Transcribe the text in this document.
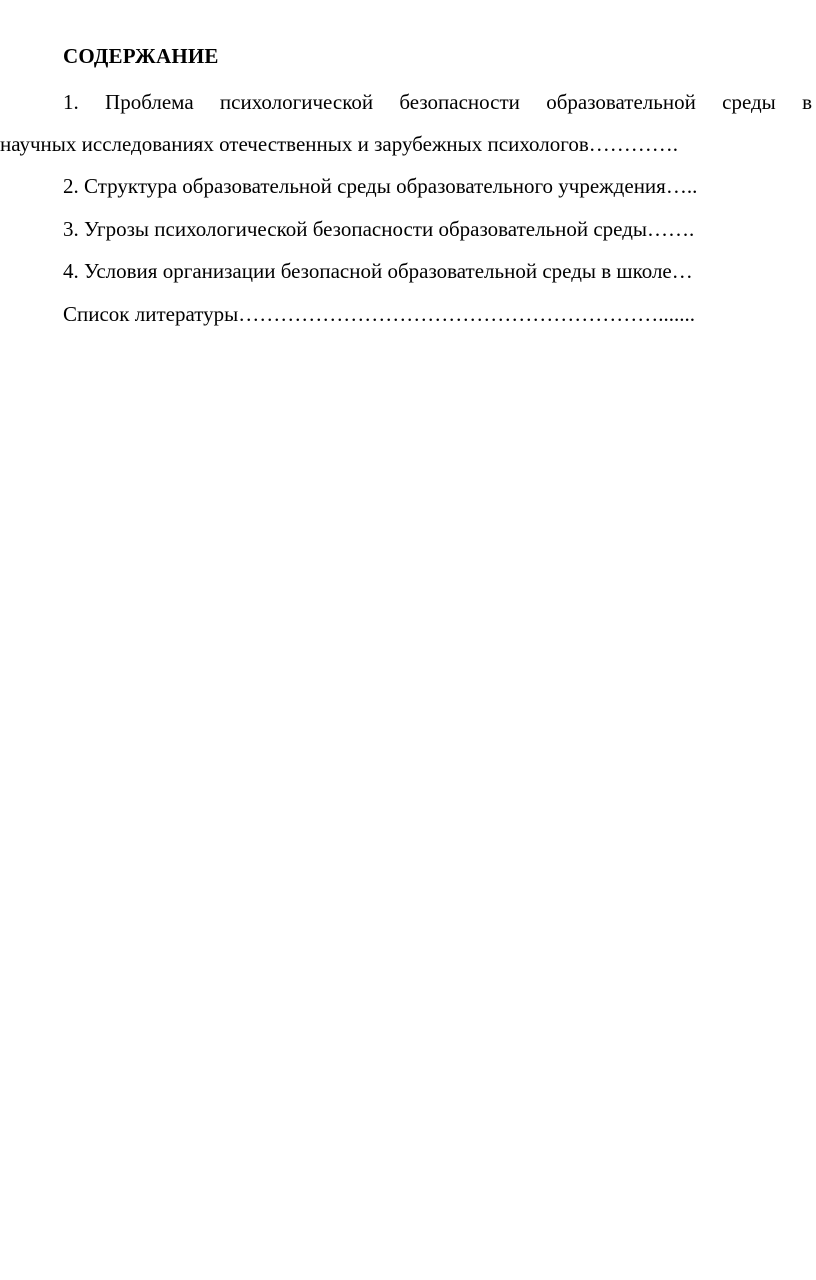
СОДЕРЖАНИЕ
1. Проблема психологической безопасности образовательной среды в
научных исследованиях отечественных и зарубежных психологов………….
2. Структура образовательной среды образовательного учреждения…..
3. Угрозы психологической безопасности образовательной среды…….
4. Условия организации безопасной образовательной среды в школе…
Список литературы…………………………………………………….......
